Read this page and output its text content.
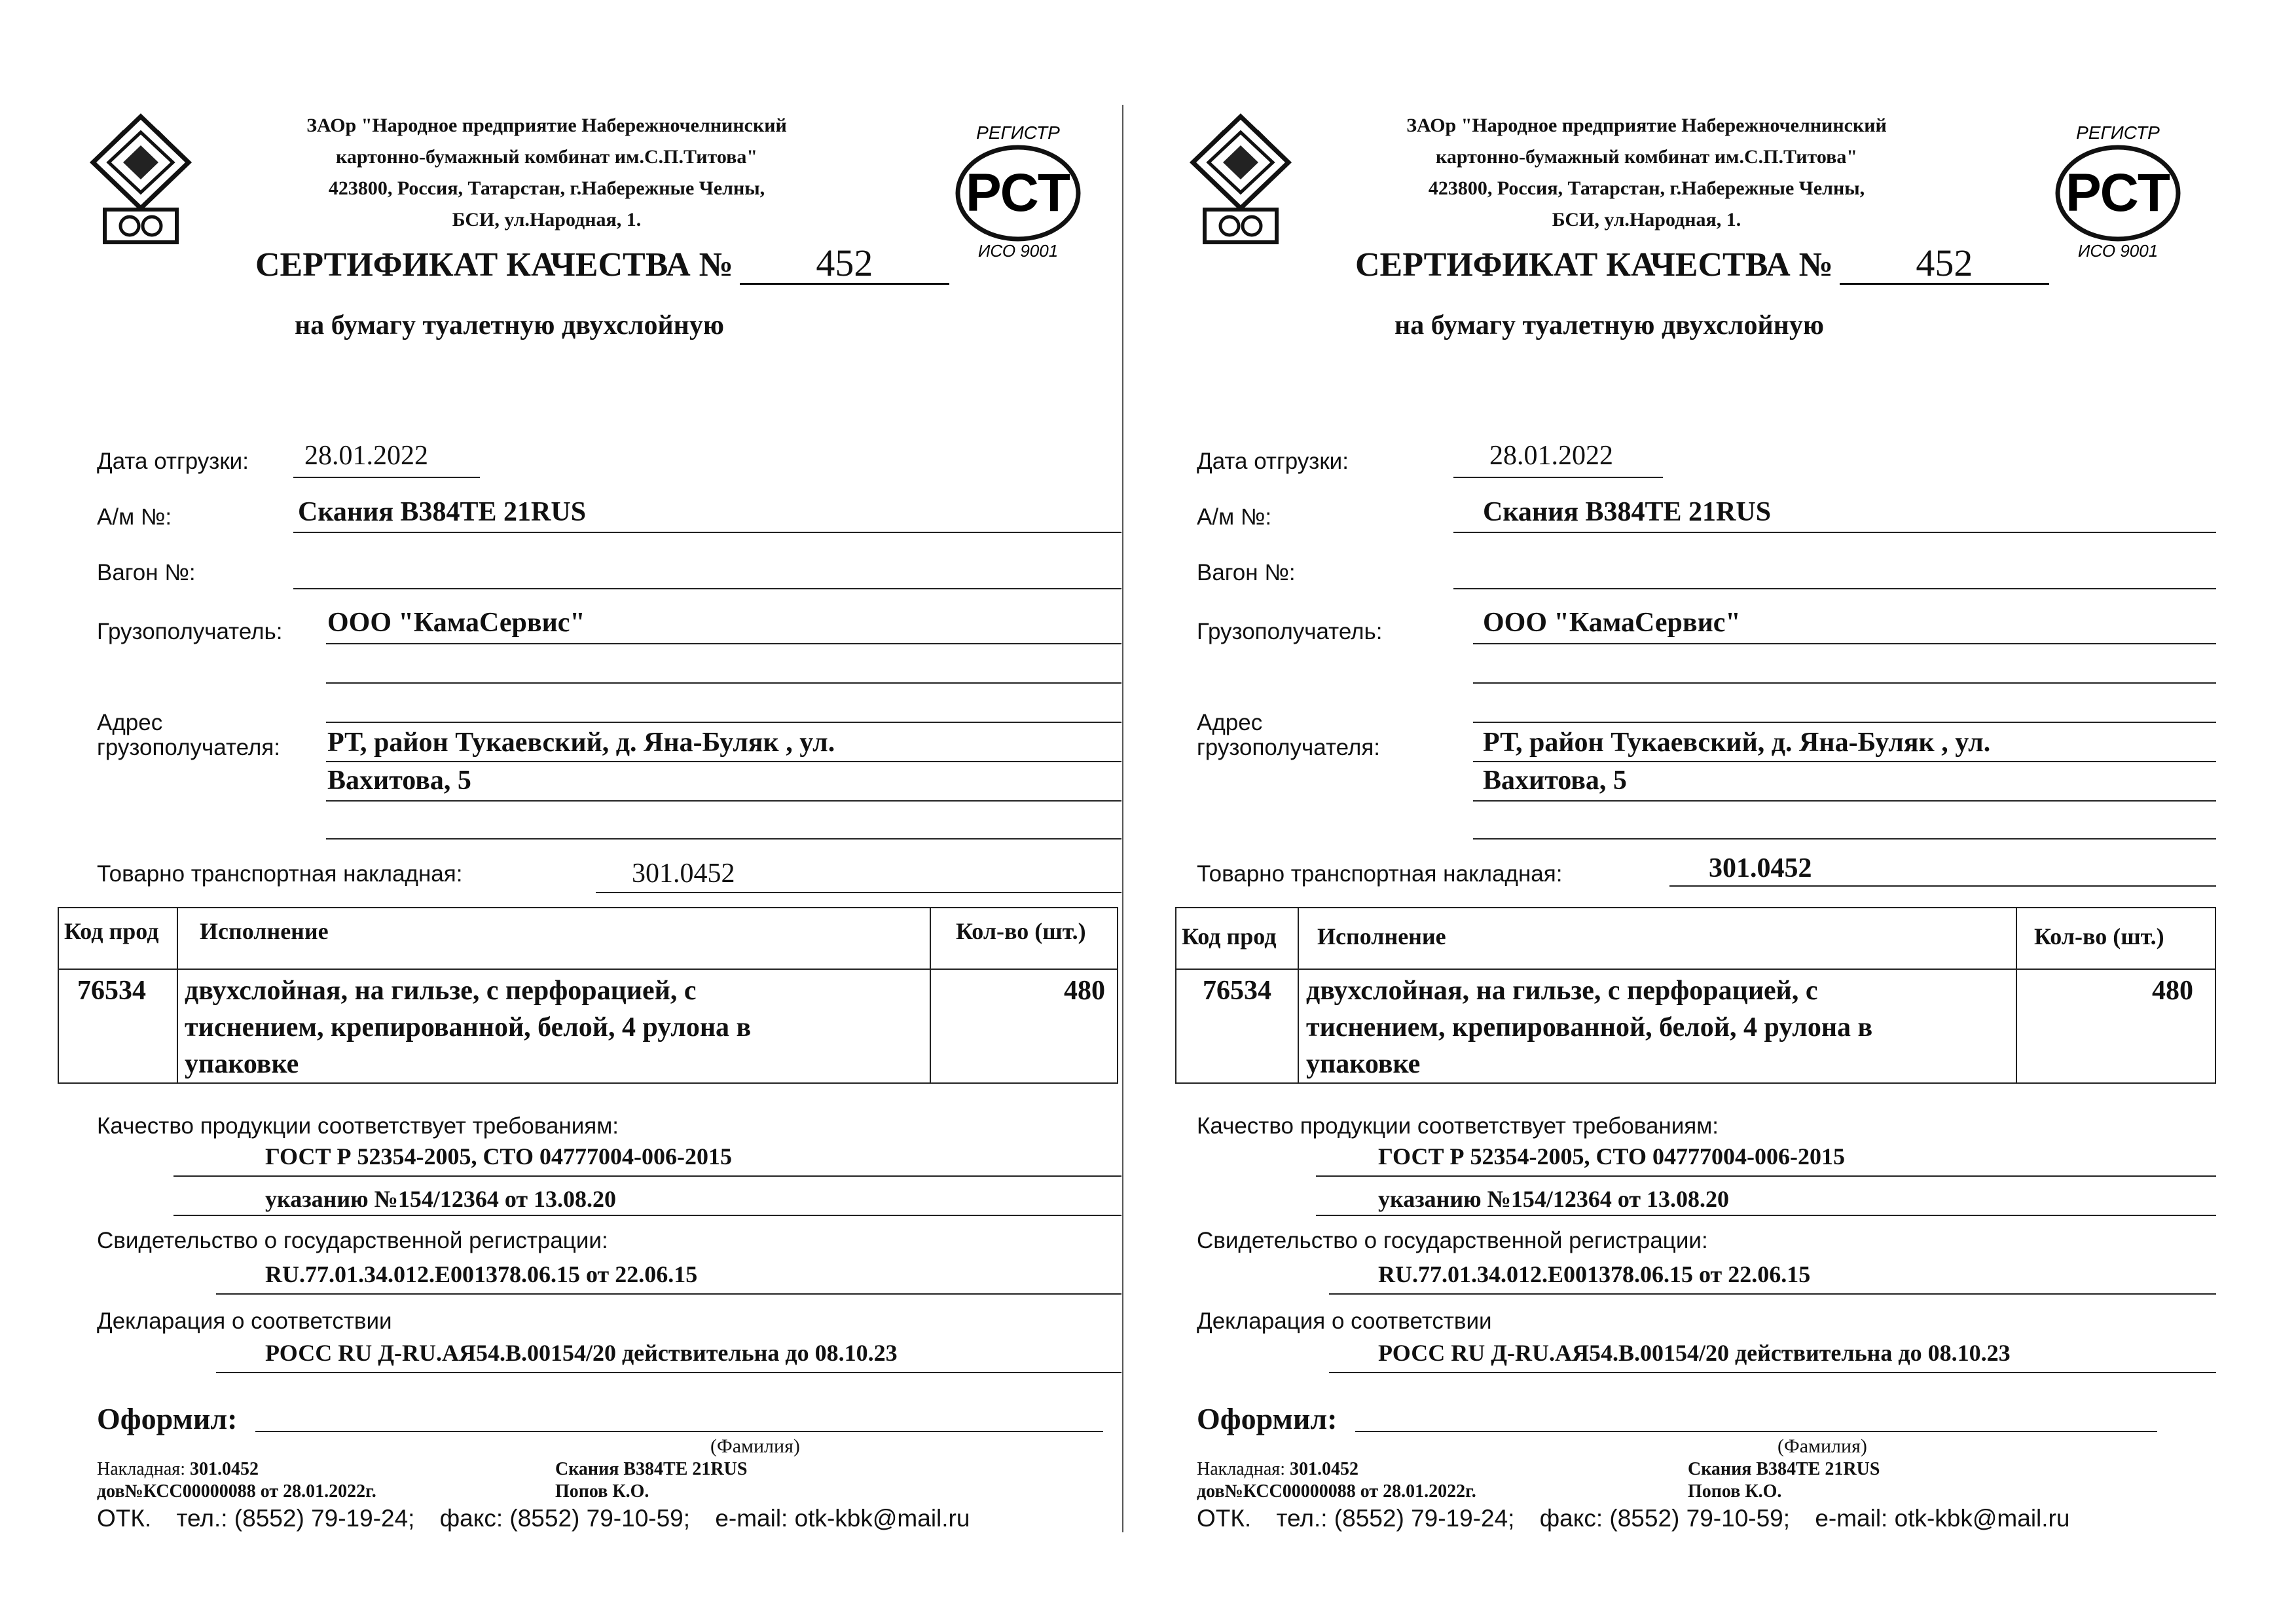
ЗАОр "Народное предприятие Набережночелнинский
картонно-бумажный комбинат им.С.П.Титова"
423800, Россия, Татарстан, г.Набережные Челны,
БСИ, ул.Народная, 1.
РЕГИСТР
РСТ
ИСО 9001
СЕРТИФИКАТ КАЧЕСТВА № 452
на бумагу туалетную двухслойную
Дата отгрузки: 28.01.2022
А/м №:	Скания В384ТЕ 21RUS
Вагон №:
Грузополучатель: ООО "КамаСервис"
Адрес
грузополучателя: РТ, район Тукаевский, д. Яна-Буляк , ул.
Вахитова, 5
Товарно транспортная накладная:	301.0452
Код прод Исполнение	Кол-во (шт.)
76534 двухслойная, на гильзе, с перфорацией, с
тиснением, крепированной, белой, 4 рулона в
упаковке
480
Качество продукции соответствует требованиям:
ГОСТ Р 52354-2005, СТО 04777004-006-2015
указанию №154/12364 от 13.08.20
Свидетельство о государственной регистрации:
RU.77.01.34.012.E001378.06.15 от 22.06.15
Декларация о соответствии
РОСС RU Д-RU.АЯ54.В.00154/20 действительна до 08.10.23
Оформил:
(Фамилия)
Накладная: 301.0452
дов№КСС00000088 от 28.01.2022г.
Скания В384ТЕ 21RUS
Попов К.О.
ОТК. тел.: (8552) 79-19-24; факс: (8552) 79-10-59; e-mail: otk-kbk@mail.ru
ЗАОр "Народное предприятие Набережночелнинский
картонно-бумажный комбинат им.С.П.Титова"
423800, Россия, Татарстан, г.Набережные Челны,
БСИ, ул.Народная, 1.
РЕГИСТР
РСТ
ИСО 9001
СЕРТИФИКАТ КАЧЕСТВА № 452
на бумагу туалетную двухслойную
Дата отгрузки:	28.01.2022
А/м №:	Скания В384ТЕ 21RUS
Вагон №:
Грузополучатель:	ООО "КамаСервис"
Адрес
грузополучателя:	РТ, район Тукаевский, д. Яна-Буляк , ул.
Вахитова, 5
Товарно транспортная накладная:	301.0452
Код прод Исполнение	Кол-во (шт.)
76534 двухслойная, на гильзе, с перфорацией, с
тиснением, крепированной, белой, 4 рулона в
упаковке
480
Качество продукции соответствует требованиям:
ГОСТ Р 52354-2005, СТО 04777004-006-2015
указанию №154/12364 от 13.08.20
Свидетельство о государственной регистрации:
RU.77.01.34.012.E001378.06.15 от 22.06.15
Декларация о соответствии
РОСС RU Д-RU.АЯ54.В.00154/20 действительна до 08.10.23
Оформил:
(Фамилия)
Накладная: 301.0452
дов№КСС00000088 от 28.01.2022г.
Скания В384ТЕ 21RUS
Попов К.О.
ОТК. тел.: (8552) 79-19-24; факс: (8552) 79-10-59; e-mail: otk-kbk@mail.ru
